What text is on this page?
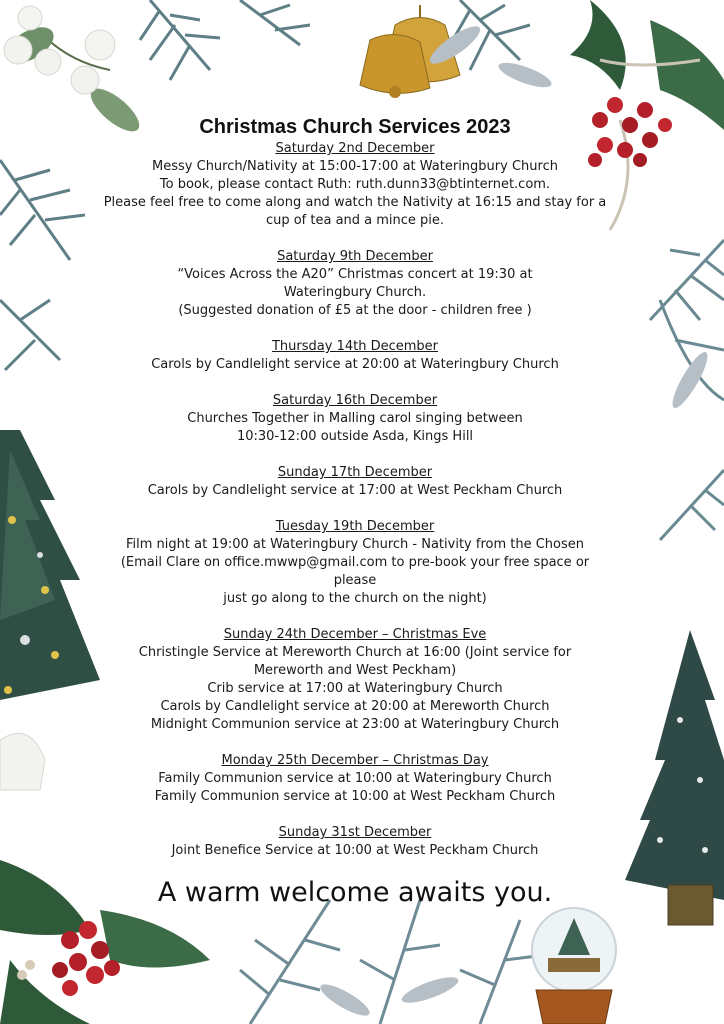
Christmas Church Services 2023

Saturday 2nd December

Messy Church/Nativity at 15:00-17:00 at Wateringbury Church

To book, please contact Ruth: ruth.dunn33@btinternet.com.

Please feel free to come along and watch the Nativity at 16:15 and stay for a

cup of tea and a mince pie.

Saturday 9th December

“Voices Across the A20” Christmas concert at 19:30 at

Wateringbury Church.

(Suggested donation of £5 at the door - children free )

Thursday 14th December

Carols by Candlelight service at 20:00 at Wateringbury Church

Saturday 16th December

Churches Together in Malling carol singing between

10:30-12:00 outside Asda, Kings Hill

Sunday 17th December

Carols by Candlelight service at 17:00 at West Peckham Church

Tuesday 19th December

Film night at 19:00 at Wateringbury Church - Nativity from the Chosen

(Email Clare on office.mwwp@gmail.com to pre-book your free space or please

just go along to the church on the night)

Sunday 24th December – Christmas Eve

Christingle Service at Mereworth Church at 16:00 (Joint service for

Mereworth and West Peckham)

Crib service at 17:00 at Wateringbury Church

Carols by Candlelight service at 20:00 at Mereworth Church

Midnight Communion service at 23:00 at Wateringbury Church

Monday 25th December – Christmas Day

Family Communion service at 10:00 at Wateringbury Church

Family Communion service at 10:00 at West Peckham Church

Sunday 31st December

Joint Benefice Service at 10:00 at West Peckham Church

A warm welcome awaits you.
